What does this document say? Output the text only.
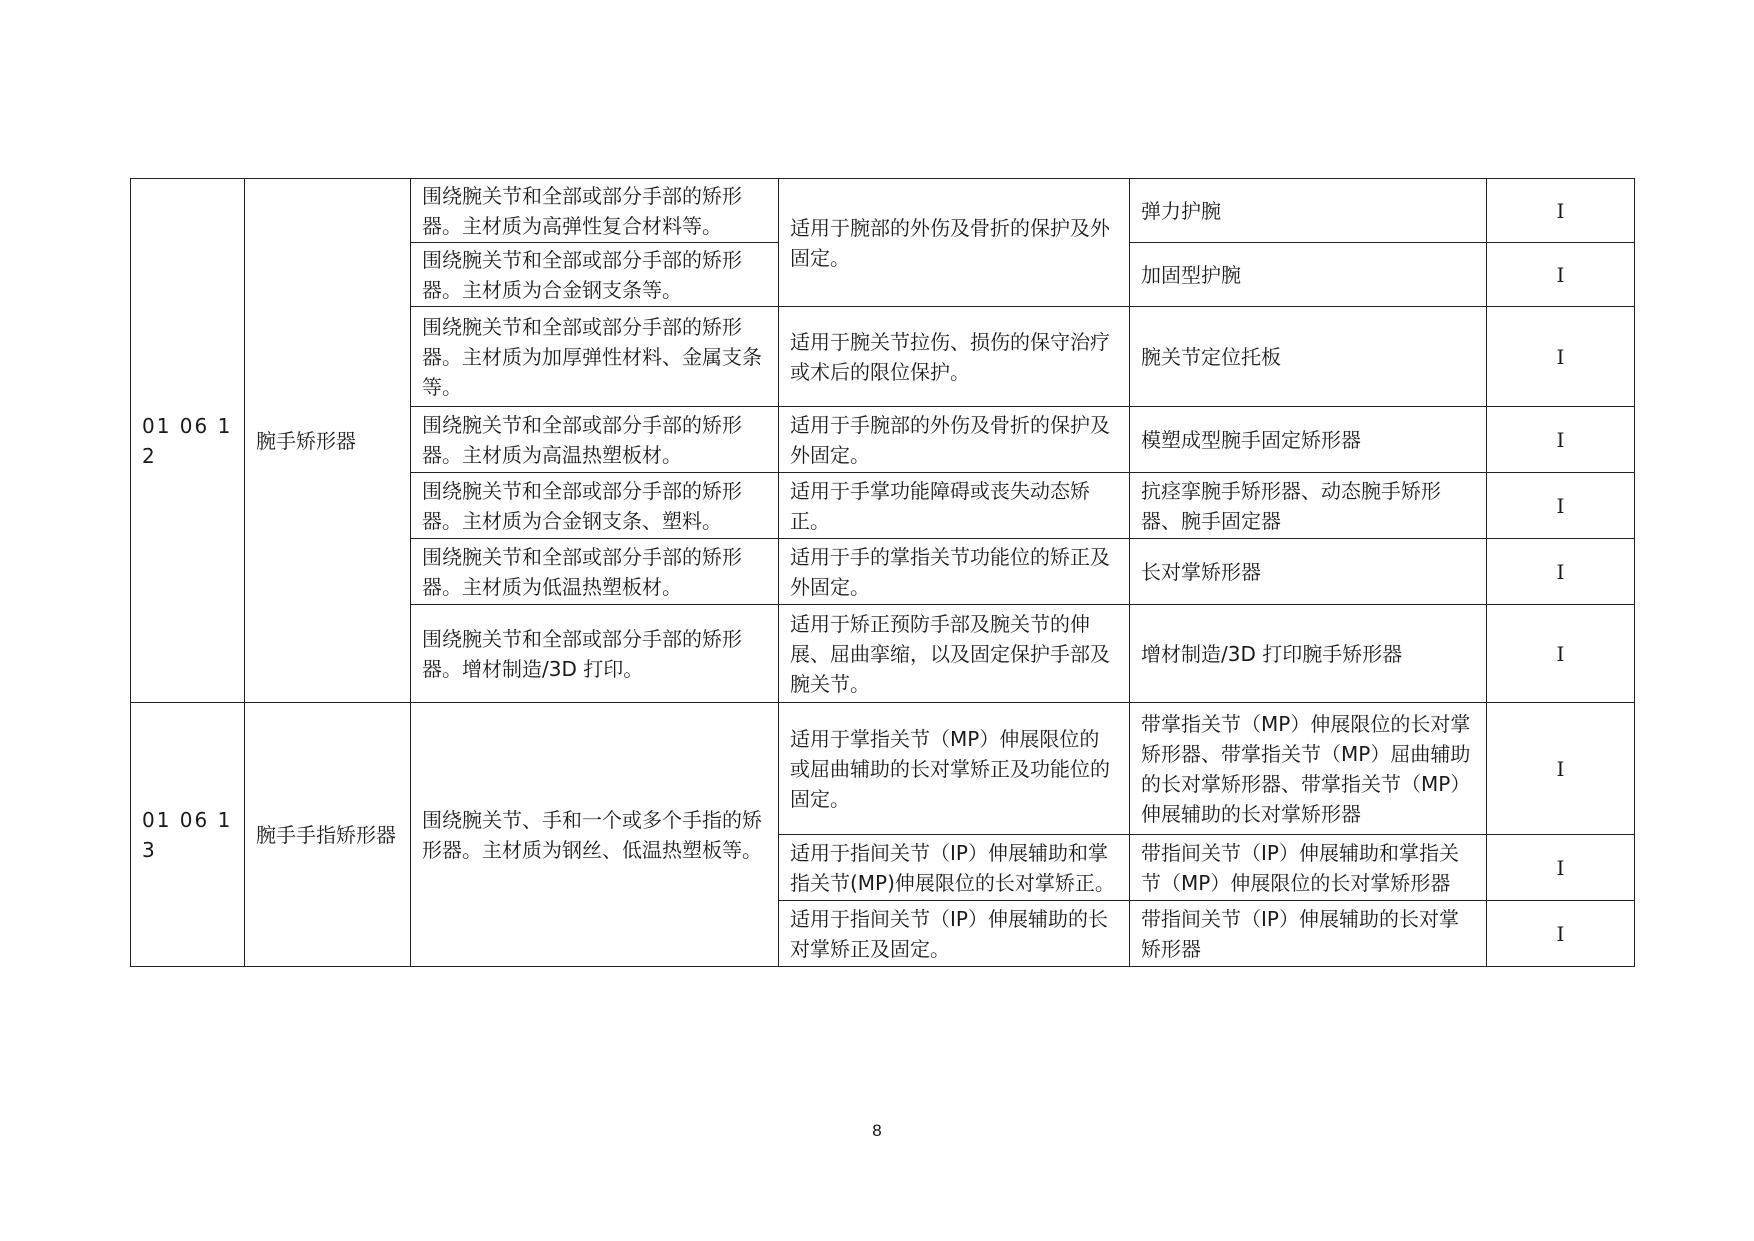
01 06 12	腕手矫形器	围绕腕关节和全部或部分手部的矫形器。主材质为高弹性复合材料等。	适用于腕部的外伤及骨折的保护及外固定。	弹力护腕	I
		围绕腕关节和全部或部分手部的矫形器。主材质为合金钢支条等。		加固型护腕	I
		围绕腕关节和全部或部分手部的矫形器。主材质为加厚弹性材料、金属支条等。	适用于腕关节拉伤、损伤的保守治疗或术后的限位保护。	腕关节定位托板	I
		围绕腕关节和全部或部分手部的矫形器。主材质为高温热塑板材。	适用于手腕部的外伤及骨折的保护及外固定。	模塑成型腕手固定矫形器	I
		围绕腕关节和全部或部分手部的矫形器。主材质为合金钢支条、塑料。	适用于手掌功能障碍或丧失动态矫正。	抗痉挛腕手矫形器、动态腕手矫形器、腕手固定器	I
		围绕腕关节和全部或部分手部的矫形器。主材质为低温热塑板材。	适用于手的掌指关节功能位的矫正及外固定。	长对掌矫形器	I
		围绕腕关节和全部或部分手部的矫形器。增材制造/3D 打印。	适用于矫正预防手部及腕关节的伸展、屈曲挛缩，以及固定保护手部及腕关节。	增材制造/3D 打印腕手矫形器	I
01 06 13	腕手手指矫形器	围绕腕关节、手和一个或多个手指的矫形器。主材质为钢丝、低温热塑板等。	适用于掌指关节（MP）伸展限位的或屈曲辅助的长对掌矫正及功能位的固定。	带掌指关节（MP）伸展限位的长对掌矫形器、带掌指关节（MP）屈曲辅助的长对掌矫形器、带掌指关节（MP）伸展辅助的长对掌矫形器	I
			适用于指间关节（IP）伸展辅助和掌指关节(MP)伸展限位的长对掌矫正。	带指间关节（IP）伸展辅助和掌指关节（MP）伸展限位的长对掌矫形器	I
			适用于指间关节（IP）伸展辅助的长对掌矫正及固定。	带指间关节（IP）伸展辅助的长对掌矫形器	I
8
